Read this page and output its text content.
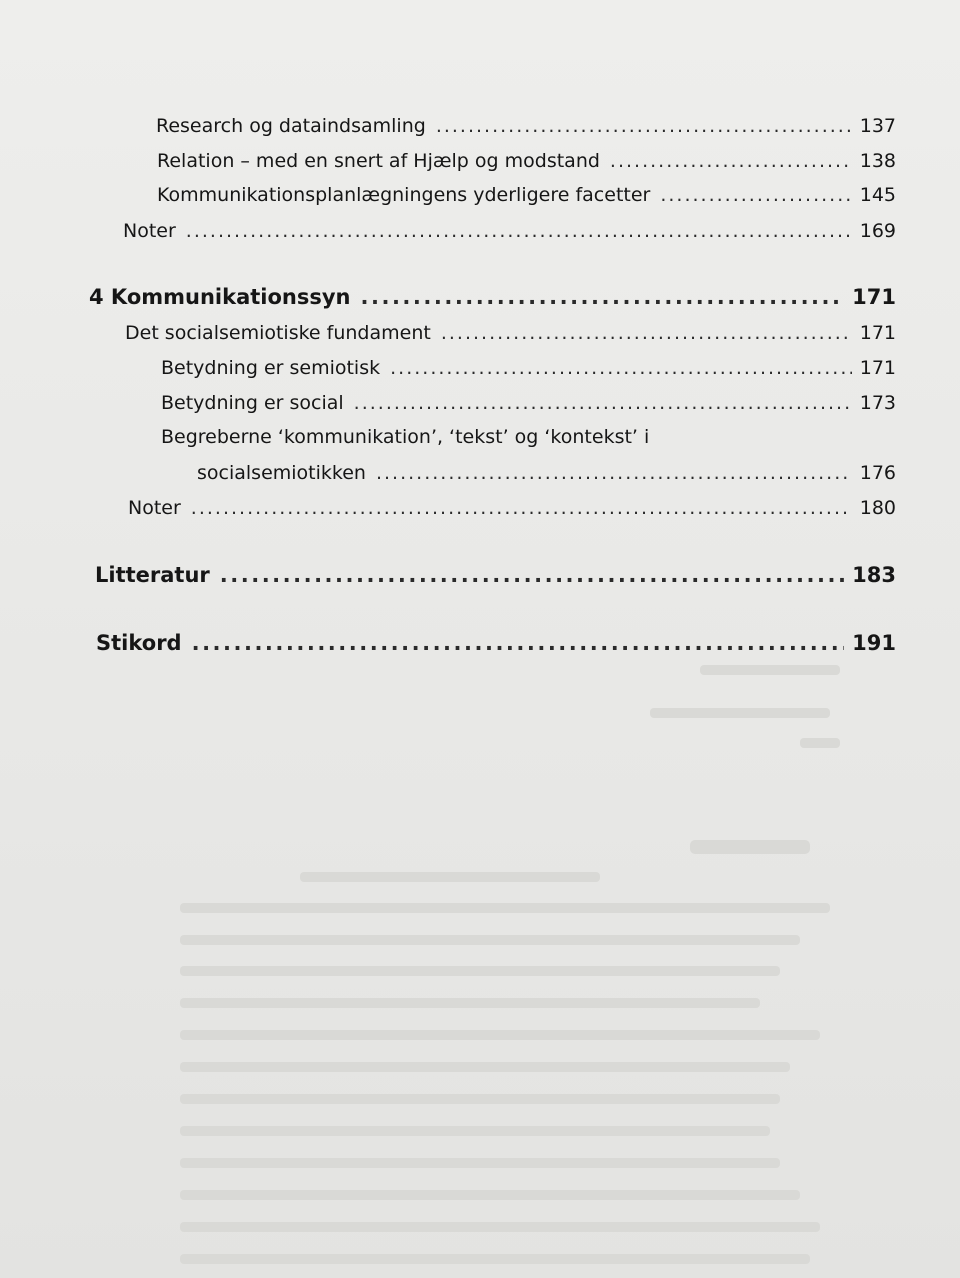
Research og dataindsamling .....	137
Relation – med en snert af Hjælp og modstand .....	138
Kommunikationsplanlægningens yderligere facetter .....	145
Noter .....	169
4 Kommunikationssyn .....	171
Det socialsemiotiske fundament .....	171
Betydning er semiotisk .....	171
Betydning er social .....	173
Begreberne ‘kommunikation’, ‘tekst’ og ‘kontekst’ i
socialsemiotikken .....	176
Noter .....	180
Litteratur .....	183
Stikord .....	191
